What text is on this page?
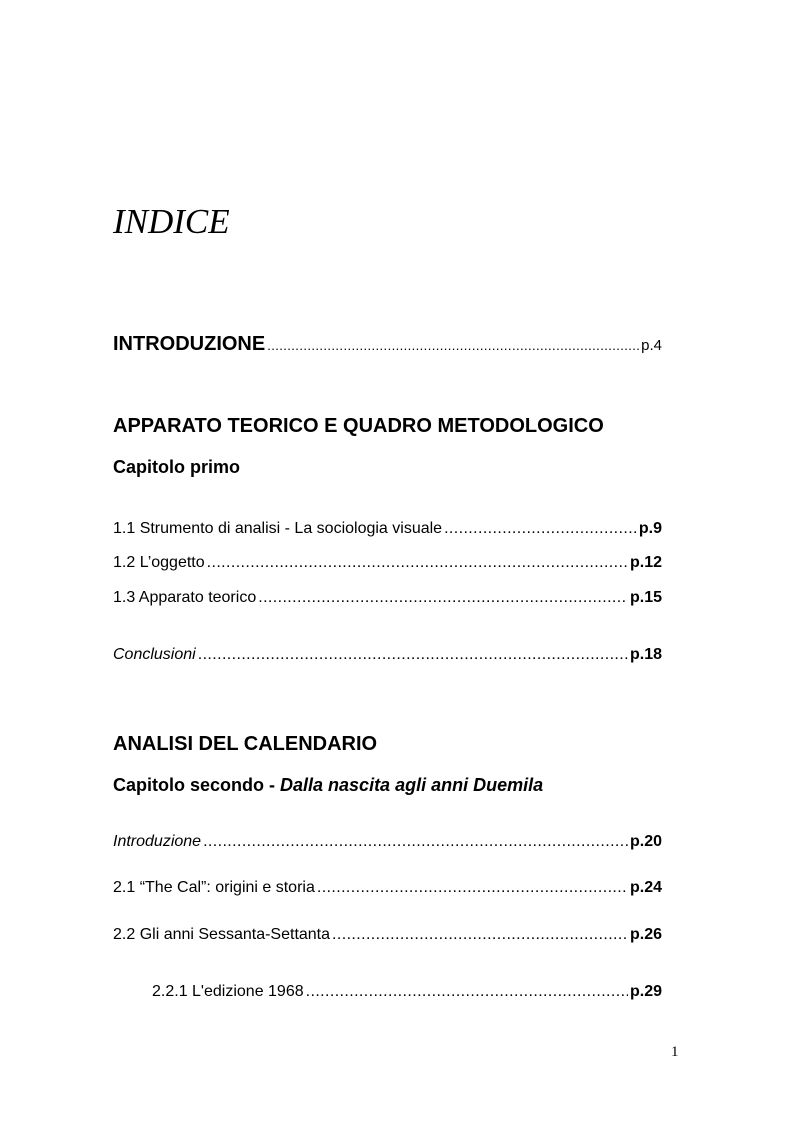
INDICE
INTRODUZIONE .....	p.4
APPARATO TEORICO E QUADRO METODOLOGICO
Capitolo primo
1.1 Strumento di analisi - La sociologia visuale .....	p.9
1.2 L’oggetto .....	p.12
1.3 Apparato teorico .....	p.15
Conclusioni .....	p.18
ANALISI DEL CALENDARIO
Capitolo secondo - Dalla nascita agli anni Duemila
Introduzione .....	p.20
2.1 “The Cal”: origini e storia .....	p.24
2.2 Gli anni Sessanta-Settanta .....	p.26
2.2.1 L'edizione 1968 .....	p.29
1
